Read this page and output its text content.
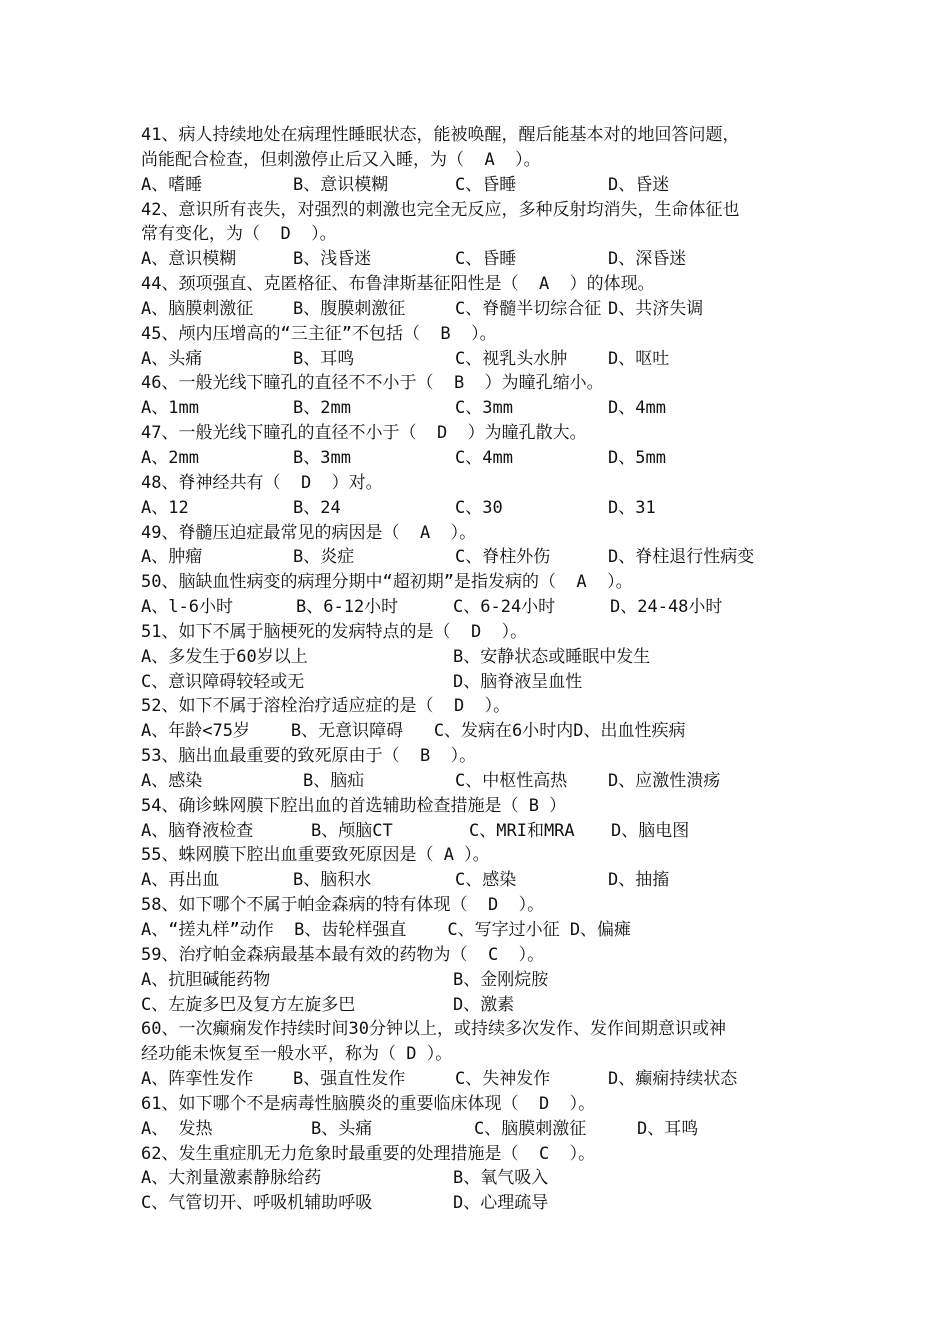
41、病人持续地处在病理性睡眠状态，能被唤醒，醒后能基本对的地回答问题，
尚能配合检查，但刺激停止后又入睡，为（  A  ）。
A、嗜睡	B、意识模糊	C、昏睡	D、昏迷
42、意识所有丧失，对强烈的刺激也完全无反应，多种反射均消失，生命体征也
常有变化，为（  D  ）。
A、意识模糊	B、浅昏迷	C、昏睡	D、深昏迷
44、颈项强直、克匿格征、布鲁津斯基征阳性是（  A  ）的体现。
A、脑膜刺激征 B、腹膜刺激征	C、脊髓半切综合征 D、共济失调
45、颅内压增高的“三主征”不包括（  B  ）。
A、头痛	B、耳鸣	C、视乳头水肿 D、呕吐
46、一般光线下瞳孔的直径不不小于（  B  ）为瞳孔缩小。
A、1mm	B、2mm	C、3mm	D、4mm
47、一般光线下瞳孔的直径不小于（  D  ）为瞳孔散大。
A、2mm	B、3mm	C、4mm	D、5mm
48、脊神经共有（  D  ）对。
A、12	B、24	C、30	D、31
49、脊髓压迫症最常见的病因是（  A  ）。
A、肿瘤	B、炎症	C、脊柱外伤	D、脊柱退行性病变
50、脑缺血性病变的病理分期中“超初期”是指发病的（  A  ）。
A、l-6小时	B、6-12小时	C、6-24小时	D、24-48小时
51、如下不属于脑梗死的发病特点的是（  D  ）。
A、多发生于60岁以上	B、安静状态或睡眠中发生
C、意识障碍较轻或无	D、脑脊液呈血性
52、如下不属于溶栓治疗适应症的是（  D  ）。
A、年龄<75岁    B、无意识障碍   C、发病在6小时内D、出血性疾病
53、脑出血最重要的致死原由于（  B  ）。
A、感染	B、脑疝	C、中枢性高热 D、应激性溃疡
54、确诊蛛网膜下腔出血的首选辅助检查措施是（ B ）
A、脑脊液检查	B、颅脑CT	C、MRI和MRA D、脑电图
55、蛛网膜下腔出血重要致死原因是（ A ）。
A、再出血	B、脑积水	C、感染	D、抽搐
58、如下哪个不属于帕金森病的特有体现（  D  ）。
A、“搓丸样”动作  B、齿轮样强直    C、写字过小征 D、偏瘫
59、治疗帕金森病最基本最有效的药物为（  C  ）。
A、抗胆碱能药物	B、金刚烷胺
C、左旋多巴及复方左旋多巴	D、激素
60、一次癫痫发作持续时间30分钟以上，或持续多次发作、发作间期意识或神
经功能未恢复至一般水平，称为（ D ）。
A、阵挛性发作 B、强直性发作	C、失神发作	D、癫痫持续状态
61、如下哪个不是病毒性脑膜炎的重要临床体现（  D  ）。
A、 发热	B、头痛	C、脑膜刺激征	D、耳鸣
62、发生重症肌无力危象时最重要的处理措施是（  C  ）。
A、大剂量激素静脉给药	B、氧气吸入
C、气管切开、呼吸机辅助呼吸	D、心理疏导
